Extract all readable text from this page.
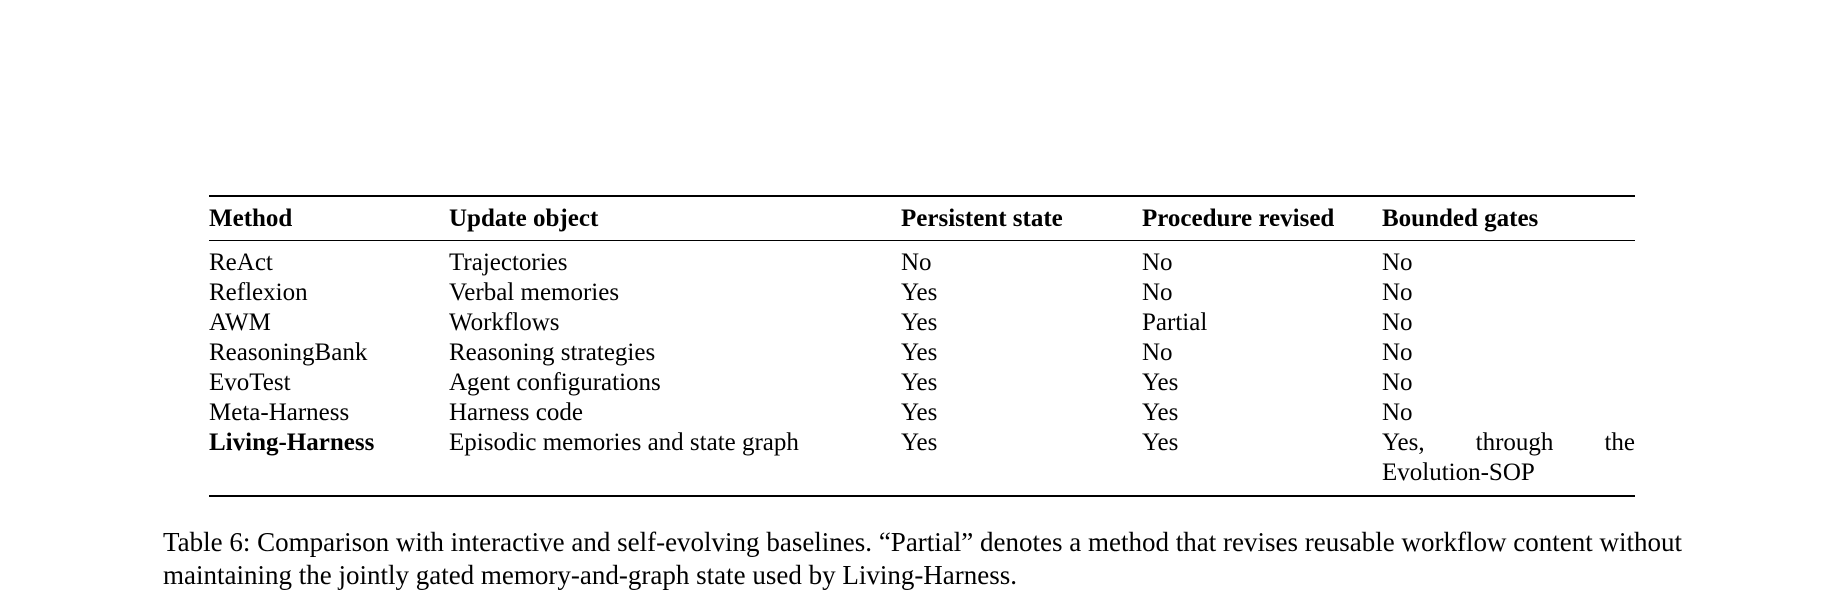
Method	Update object	Persistent state	Procedure revised	Bounded gates
ReAct	Trajectories	No	No	No
Reflexion	Verbal memories	Yes	No	No
AWM	Workflows	Yes	Partial	No
ReasoningBank	Reasoning strategies	Yes	No	No
EvoTest	Agent configurations	Yes	Yes	No
Meta-Harness	Harness code	Yes	Yes	No
Living-Harness	Episodic memories and state graph	Yes	Yes	Yes, through the Evolution-SOP
Table 6: Comparison with interactive and self-evolving baselines. “Partial” denotes a method that revises reusable workflow content without maintaining the jointly gated memory-and-graph state used by Living-Harness.
